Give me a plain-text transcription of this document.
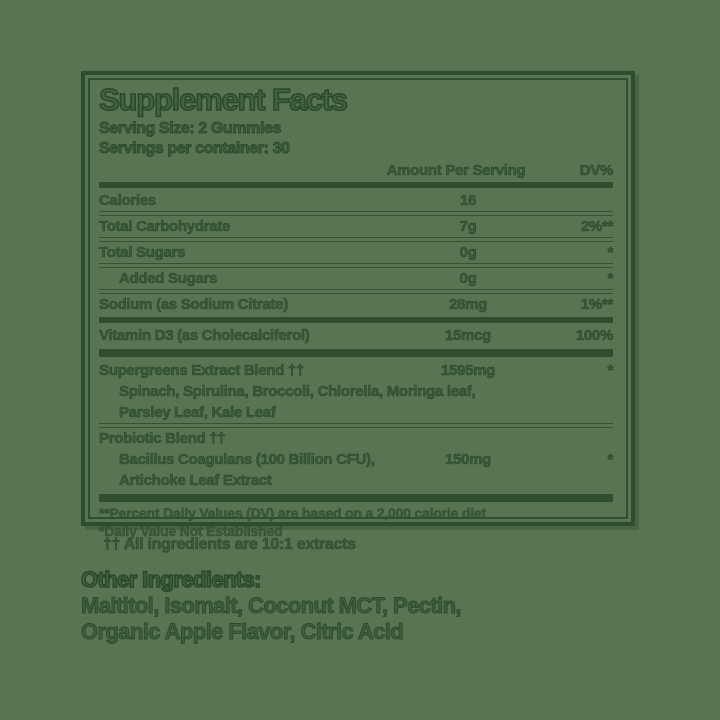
Supplement Facts
Serving Size: 2 Gummies
Servings per container: 30
Amount Per Serving	DV%
Calories	16
Total Carbohydrate	7g	2%**
Total Sugars	0g	*
Added Sugars	0g	*
Sodium (as Sodium Citrate)	28mg	1%**
Vitamin D3 (as Cholecalciferol)	15mcg	100%
Supergreens Extract Blend ††	1595mg	*
Spinach, Spirulina, Broccoli, Chlorella, Moringa leaf,
Parsley Leaf, Kale Leaf
Probiotic Blend ††
Bacillus Coagulans (100 Billion CFU),	150mg	*
Artichoke Leaf Extract
**Percent Daily Values (DV) are based on a 2,000 calorie diet
*Daily Value Not Established
†† All ingredients are 10:1 extracts
Other Ingredients:
Maltitol, Isomalt, Coconut MCT, Pectin,
Organic Apple Flavor, Citric Acid
